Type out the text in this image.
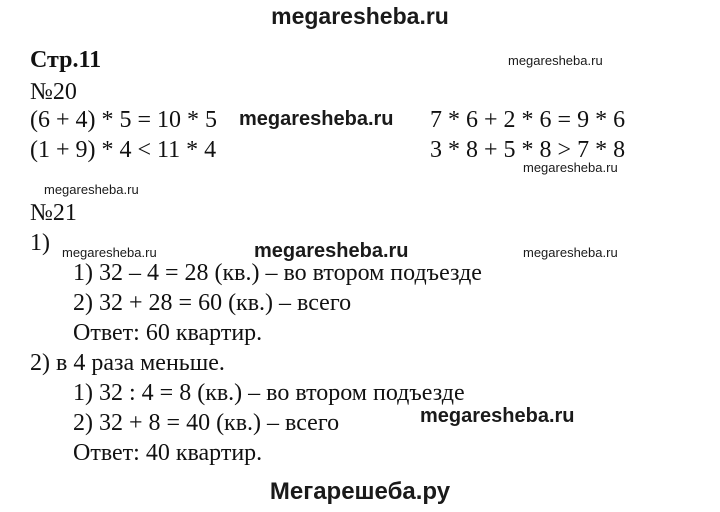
megaresheba.ru
Стр.11	megaresheba.ru
№20
(6 + 4) * 5 = 10 * 5 megaresheba.ru 7 * 6 + 2 * 6 = 9 * 6
(1 + 9) * 4 < 11 * 4	3 * 8 + 5 * 8 > 7 * 8
megaresheba.ru
megaresheba.ru
№21
1) megaresheba.ru	megaresheba.ru	megaresheba.ru
1) 32 – 4 = 28 (кв.) – во втором подъезде
2) 32 + 28 = 60 (кв.) – всего
Ответ: 60 квартир.
2) в 4 раза меньше.
1) 32 : 4 = 8 (кв.) – во втором подъезде
2) 32 + 8 = 40 (кв.) – всего	megaresheba.ru
Ответ: 40 квартир.
Мегарешеба.ру
